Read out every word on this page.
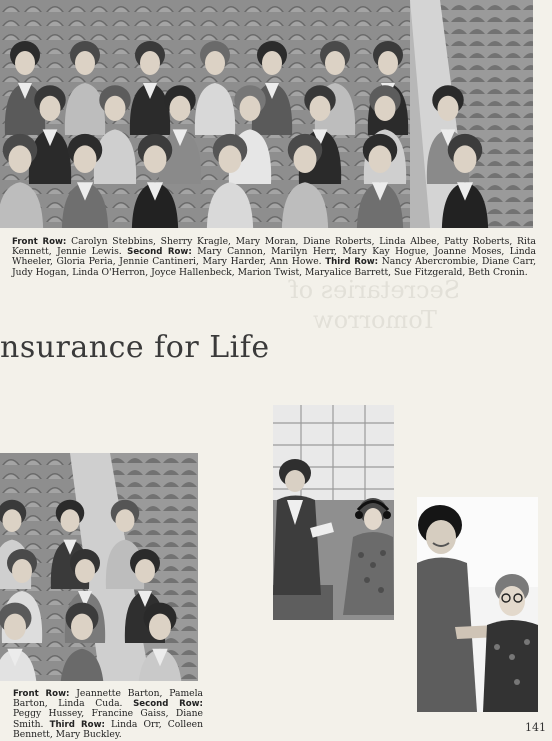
Front Row: Carolyn Stebbins, Sherry Kragle, Mary Moran, Diane Roberts, Linda Albee, Patty Roberts, Rita Kennett, Jennie Lewis. Second Row: Mary Cannon, Marilyn Herr, Mary Kay Hogue, Joanne Moses, Linda Wheeler, Gloria Peria, Jennie Cantineri, Mary Harder, Ann Howe. Third Row: Nancy Abercrombie, Diane Carr, Judy Hogan, Linda O'Herron, Joyce Hallenbeck, Marion Twist, Maryalice Barrett, Sue Fitzgerald, Beth Cronin.
Secretaries of Tomorrow
nsurance for Life
Front Row: Jeannette Barton, Pamela Barton, Linda Cuda. Second Row: Peggy Hussey, Francine Gaiss, Diane Smith. Third Row: Linda Orr, Colleen Bennett, Mary Buckley.
141
